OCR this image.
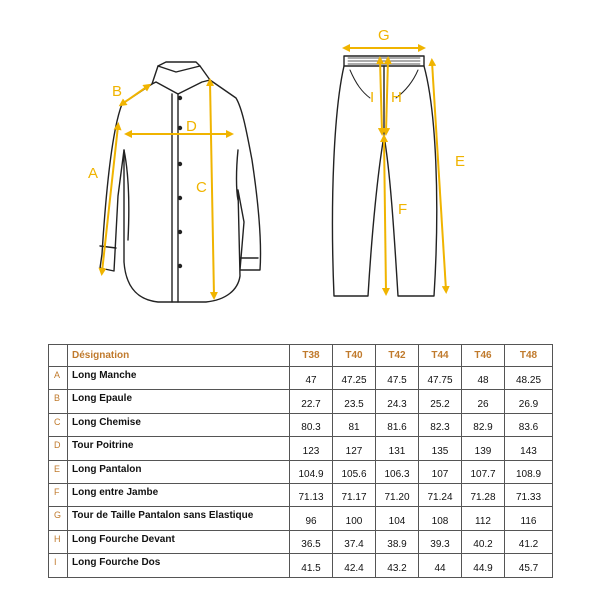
A
B
C
D
G
E
F
I H
	Désignation	T38	T40	T42	T44	T46	T48
A	Long Manche	47	47.25	47.5	47.75	48	48.25
B	Long Epaule	22.7	23.5	24.3	25.2	26	26.9
C	Long Chemise	80.3	81	81.6	82.3	82.9	83.6
D	Tour Poitrine	123	127	131	135	139	143
E	Long Pantalon	104.9	105.6	106.3	107	107.7	108.9
F	Long entre Jambe	71.13	71.17	71.20	71.24	71.28	71.33
G	Tour de Taille Pantalon sans Elastique	96	100	104	108	112	116
H	Long Fourche Devant	36.5	37.4	38.9	39.3	40.2	41.2
I	Long Fourche Dos	41.5	42.4	43.2	44	44.9	45.7
